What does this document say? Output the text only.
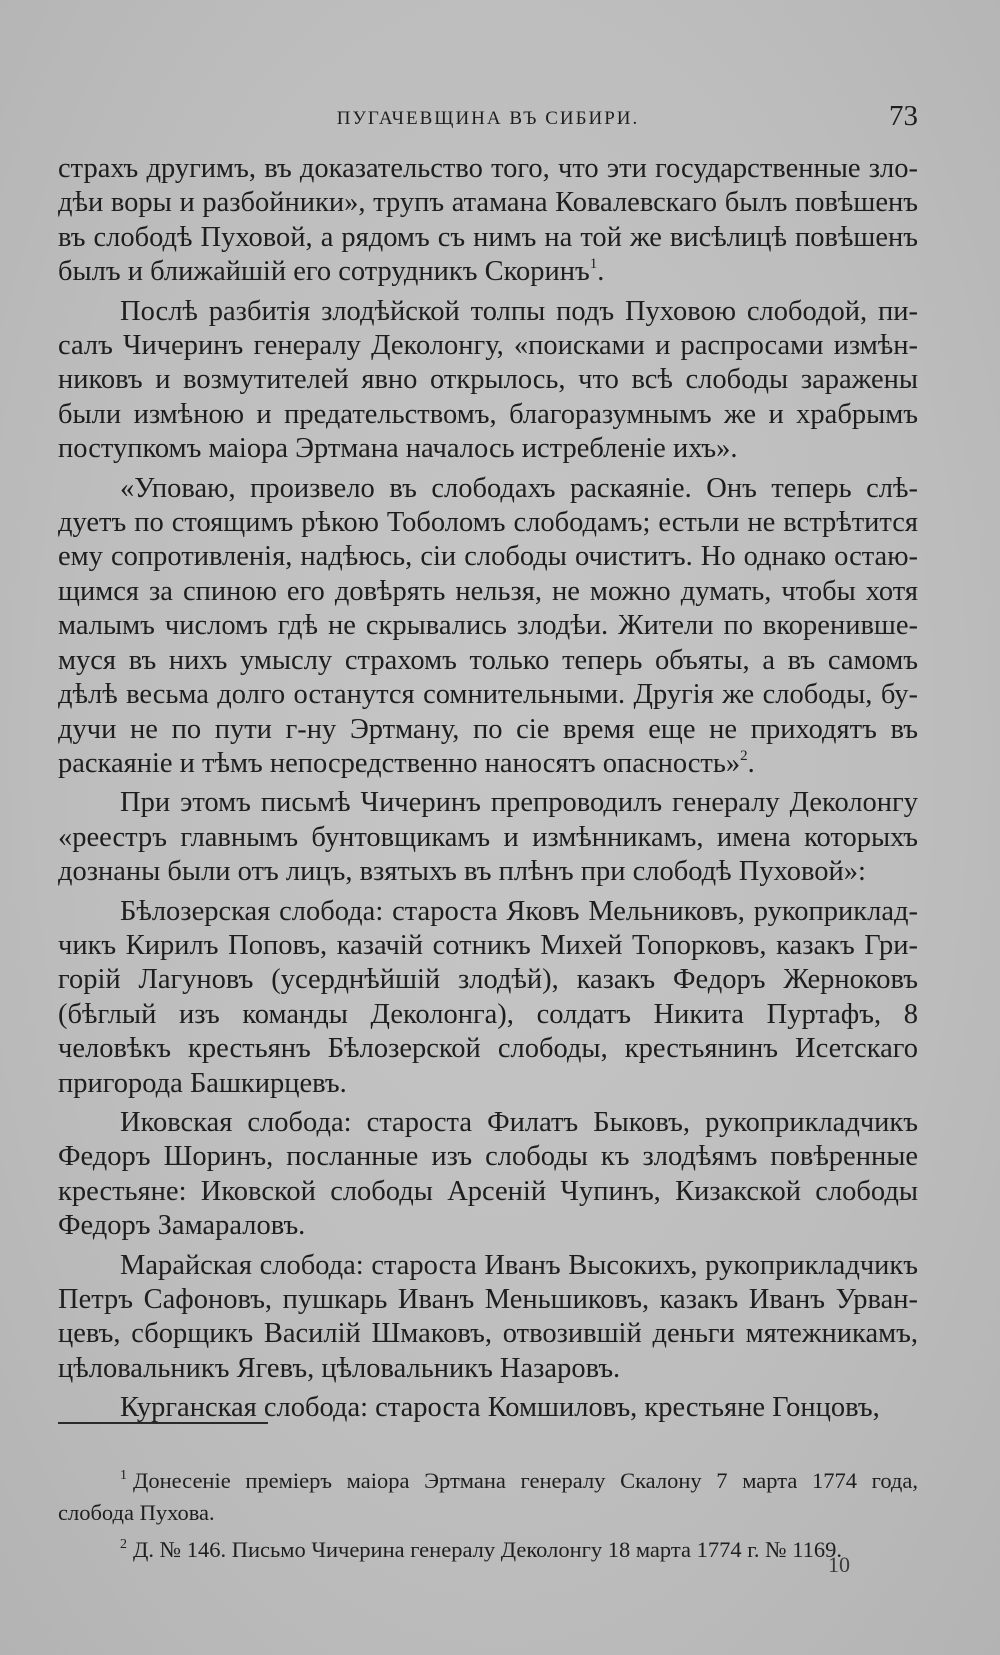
ПУГАЧЕВЩИНА ВЪ СИБИРИ.	73

страхъ другимъ, въ доказательство того, что эти государственные злодѣи воры и разбойники», трупъ атамана Ковалевскаго былъ повѣшенъ въ слободѣ Пуховой, а рядомъ съ нимъ на той же висѣлицѣ повѣшенъ былъ и ближайшій его сотрудникъ Скоринъ$^1$.

Послѣ разбитія злодѣйской толпы подъ Пуховою слободой, писалъ Чичеринъ генералу Деколонгу, «поисками и распросами измѣнниковъ и возмутителей явно открылось, что всѣ слободы заражены были измѣною и предательствомъ, благоразумнымъ же и храбрымъ поступкомъ маіора Эртмана началось истребленіе ихъ».

«Уповаю, произвело въ слободахъ раскаяніе. Онъ теперь слѣдуетъ по стоящимъ рѣкою Тоболомъ слободамъ; естьли не встрѣтится ему сопротивленія, надѣюсь, сіи слободы очиститъ. Но однако остающимся за спиною его довѣрять нельзя, не можно думать, чтобы хотя малымъ числомъ гдѣ не скрывались злодѣи. Жители по вкоренившемуся въ нихъ умыслу страхомъ только теперь объяты, а въ самомъ дѣлѣ весьма долго останутся сомнительными. Другія же слободы, будучи не по пути г-ну Эртману, по сіе время еще не приходятъ въ раскаяніе и тѣмъ непосредственно наносятъ опасность»$^2$.

При этомъ письмѣ Чичеринъ препроводилъ генералу Деколонгу «реестръ главнымъ бунтовщикамъ и измѣнникамъ, имена которыхъ дознаны были отъ лицъ, взятыхъ въ плѣнъ при слободѣ Пуховой»:

Бѣлозерская слобода: староста Яковъ Мельниковъ, рукоприкладчикъ Кирилъ Поповъ, казачій сотникъ Михей Топорковъ, казакъ Григорій Лагуновъ (усерднѣйшій злодѣй), казакъ Федоръ Жерноковъ (бѣглый изъ команды Деколонга), солдатъ Никита Пуртафъ, 8 человѣкъ крестьянъ Бѣлозерской слободы, крестьянинъ Исетскаго пригорода Башкирцевъ.

Иковская слобода: староста Филатъ Быковъ, рукоприкладчикъ Федоръ Шоринъ, посланные изъ слободы къ злодѣямъ повѣренные крестьяне: Иковской слободы Арсеній Чупинъ, Кизакской слободы Федоръ Замараловъ.

Марайская слобода: староста Иванъ Высокихъ, рукоприкладчикъ Петръ Сафоновъ, пушкарь Иванъ Меньшиковъ, казакъ Иванъ Урванцевъ, сборщикъ Василій Шмаковъ, отвозившій деньги мятежникамъ, цѣловальникъ Ягевъ, цѣловальникъ Назаровъ.

Курганская слобода: староста Комшиловъ, крестьяне Гонцовъ,

$^1$ Донесеніе преміеръ маіора Эртмана генералу Скалону 7 марта 1774 года, слобода Пухова.

$^2$ Д. № 146. Письмо Чичерина генералу Деколонгу 18 марта 1774 г. № 1169.

10
